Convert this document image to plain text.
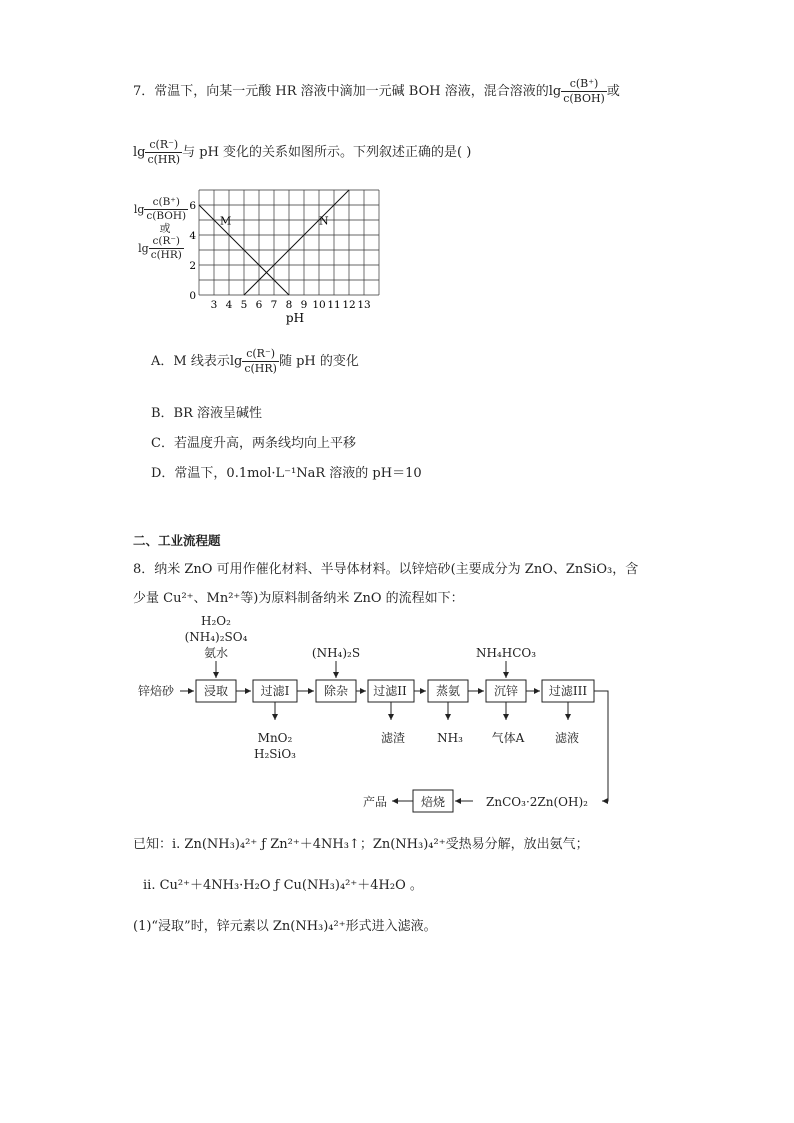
7．常温下，向某一元酸 HR 溶液中滴加一元碱 BOH 溶液，混合溶液的$\lg \frac{c(B^+)}{\text{c(BOH)}}$ 或
$\lg \frac{c(R^-)}{c(HR)}$ 与 pH 变化的关系如图所示。下列叙述正确的是( )
M	N
3 4 5 6 7 8 9 10 11 12 13
0
2
4
6
pH
$\lg \frac{c(B^+)}{\text{c(BOH)}}$
或
$\lg \frac{c(R^-)}{c(HR)}$
A．M 线表示$\lg \frac{c(R^-)}{c(HR)}$ 随 pH 的变化
B．BR 溶液呈碱性
C．若温度升高，两条线均向上平移
D．常温下，0.1mol·L⁻¹NaR 溶液的 pH＝10
二、工业流程题
8．纳米 ZnO 可用作催化材料、半导体材料。以锌焙砂(主要成分为 ZnO、ZnSiO₃，含
少量 Cu²⁺、Mn²⁺等)为原料制备纳米 ZnO 的流程如下：
H₂O₂
(NH₄)₂SO₄
氨水	(NH₄)₂S	NH₄HCO₃
锌焙砂 浸取	过滤I	除杂 过滤II 蒸氨	沉锌	过滤III
MnO₂
H₂SiO₃
滤渣	NH₃ 气体A	滤液
ZnCO₃·2Zn(OH)₂
焙烧
产品
已知：i. Zn(NH₃)₄²⁺ ƒ Zn²⁺＋4NH₃↑；Zn(NH₃)₄²⁺受热易分解，放出氨气；
ii. Cu²⁺＋4NH₃·H₂O ƒ Cu(NH₃)₄²⁺＋4H₂O 。
(1)“浸取”时，锌元素以 Zn(NH₃)₄²⁺形式进入滤液。
